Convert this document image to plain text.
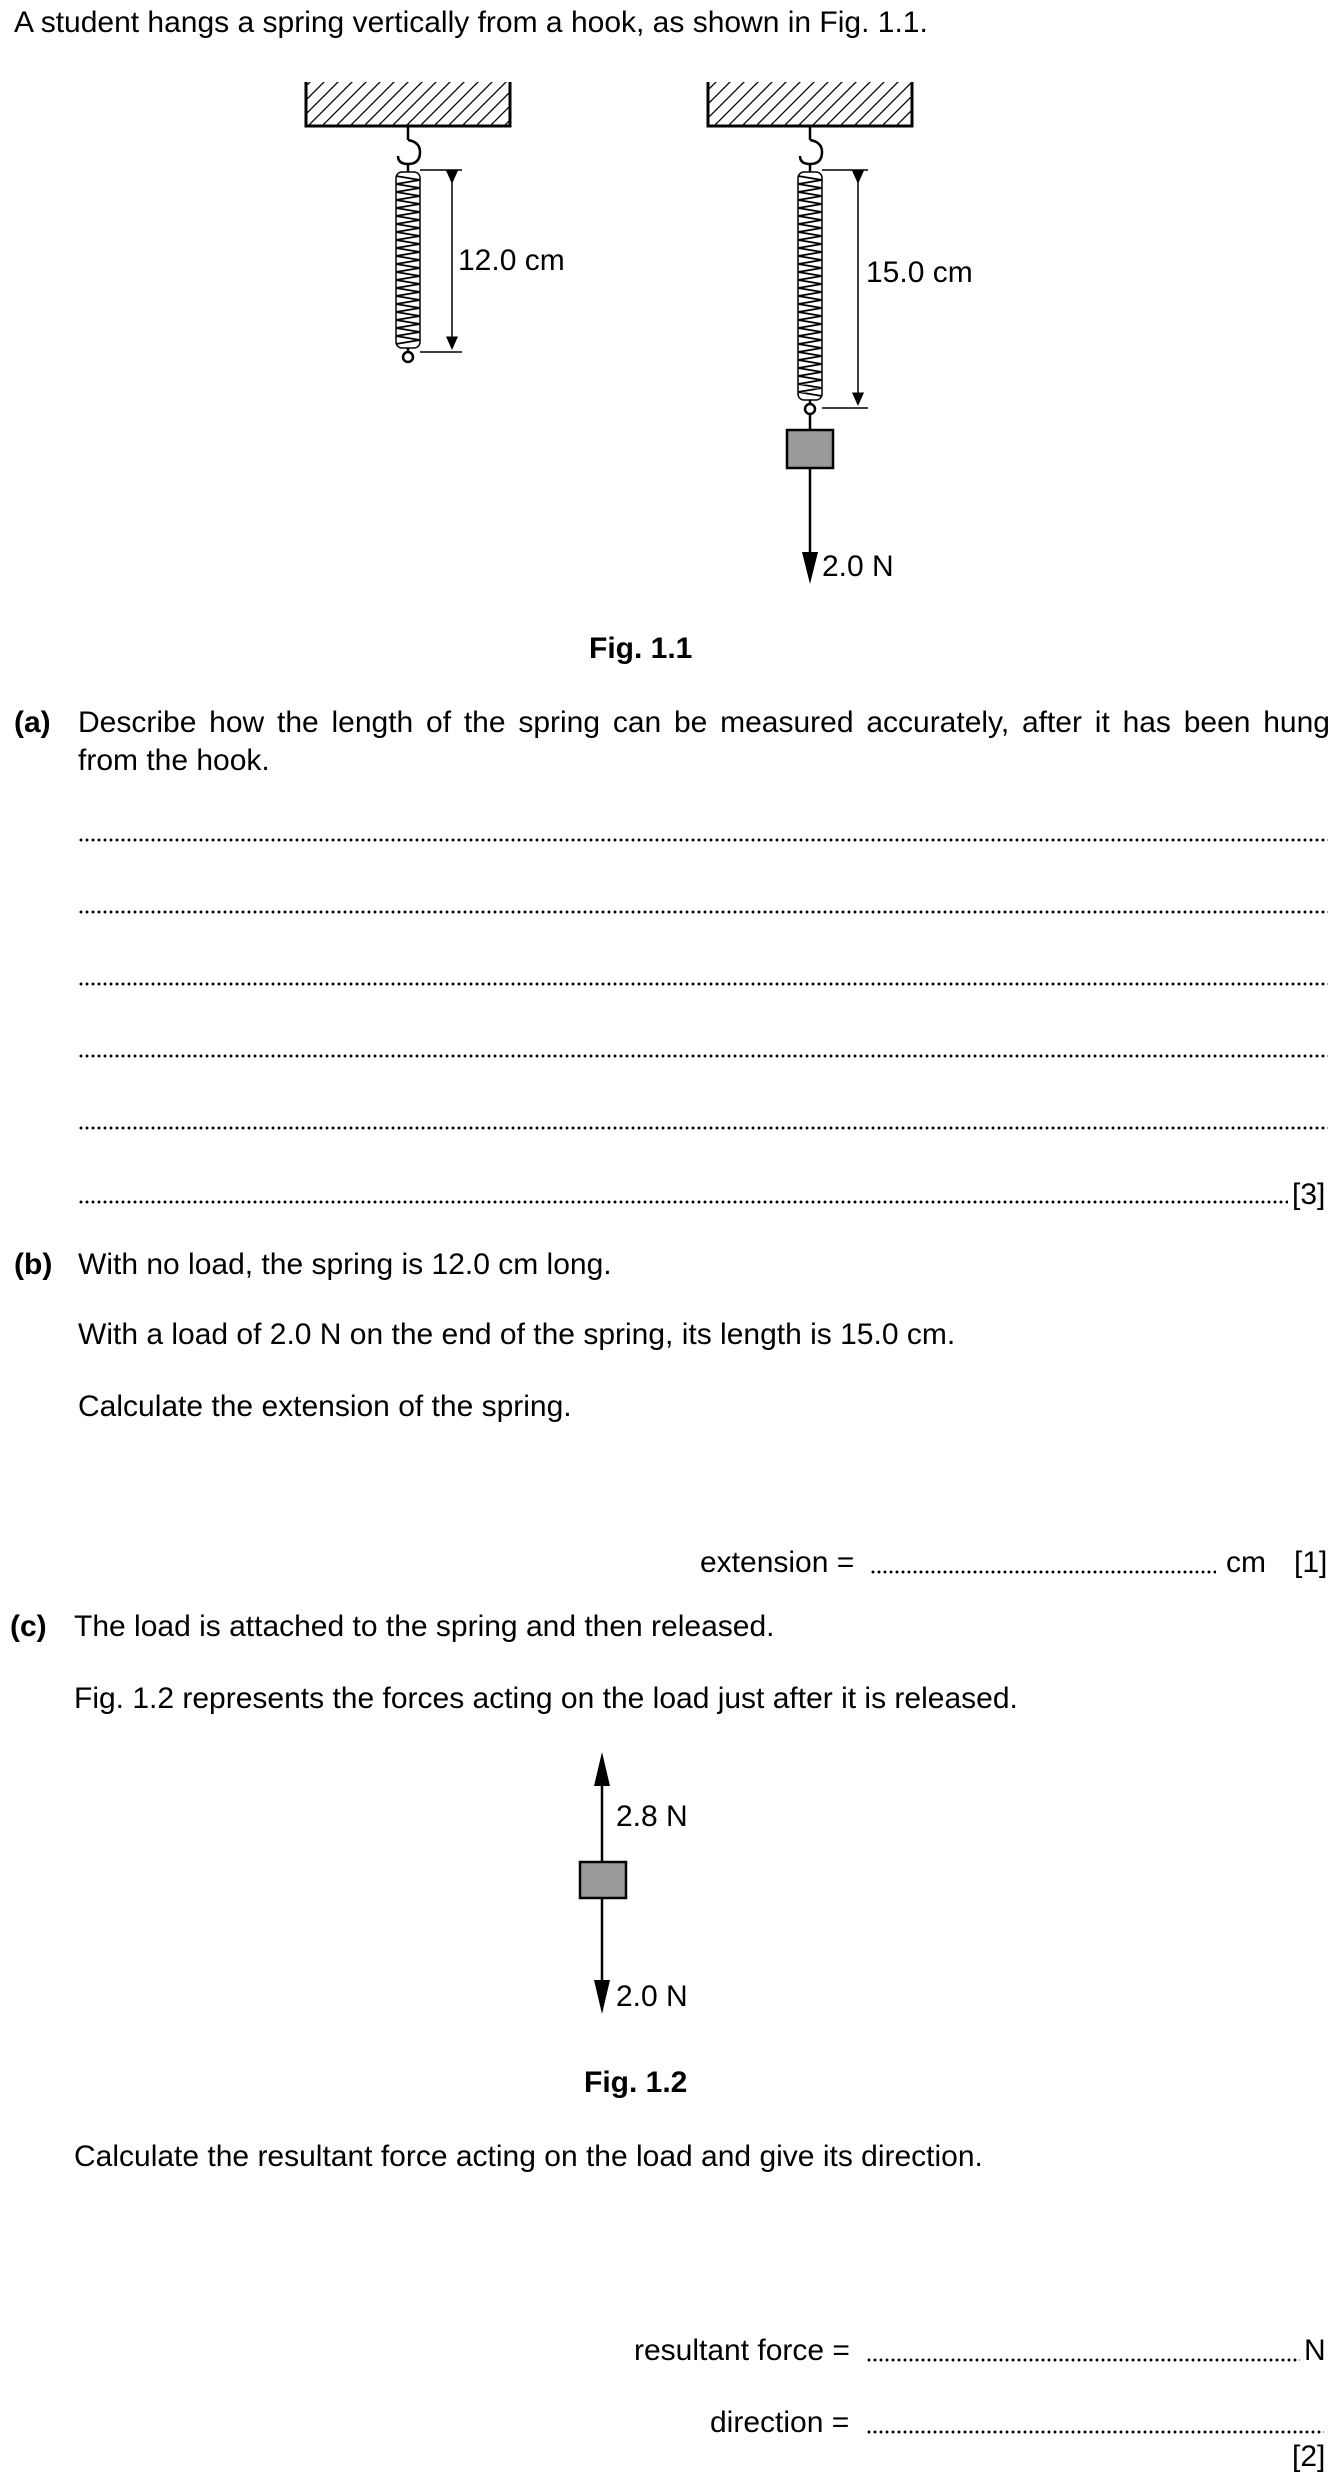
A student hangs a spring vertically from a hook, as shown in Fig. 1.1.
12.0 cm	15.0 cm
2.0 N
Fig. 1.1
(a) Describe how the length of the spring can be measured accurately, after it has been hung
from the hook.
[3]
(b) With no load, the spring is 12.0 cm long.
With a load of 2.0 N on the end of the spring, its length is 15.0 cm.
Calculate the extension of the spring.
extension =	cm [1]
(c) The load is attached to the spring and then released.
Fig. 1.2 represents the forces acting on the load just after it is released.
2.8 N
2.0 N
Fig. 1.2
Calculate the resultant force acting on the load and give its direction.
resultant force =	N
direction =
[2]
